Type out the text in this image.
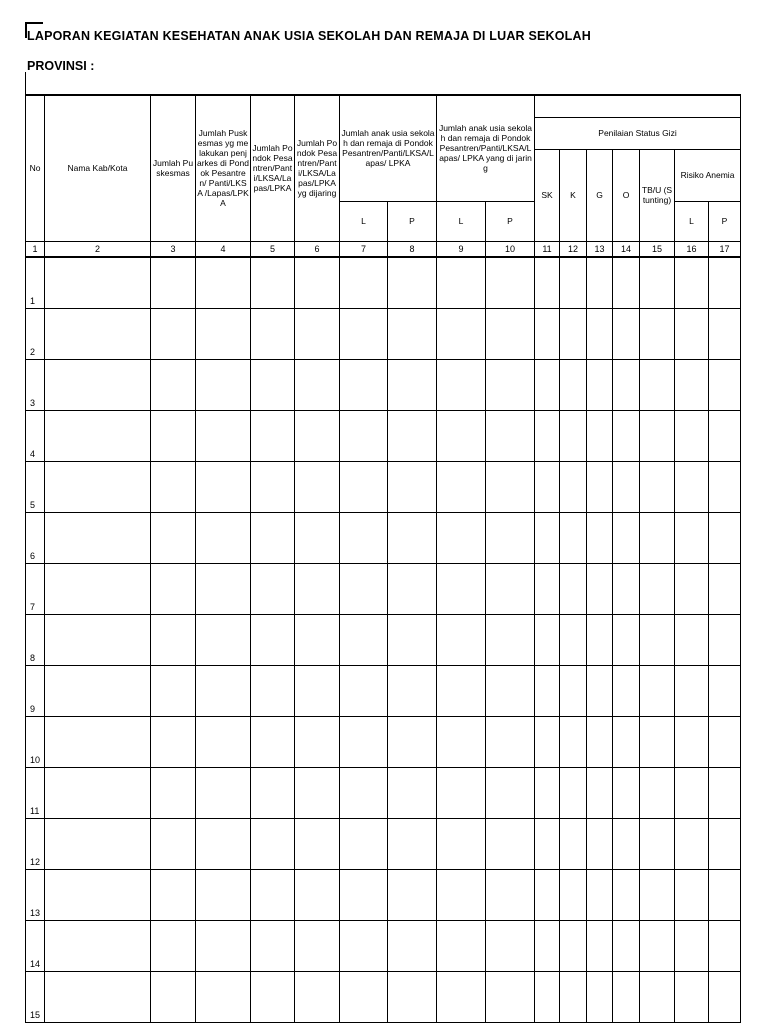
LAPORAN KEGIATAN KESEHATAN ANAK USIA SEKOLAH DAN REMAJA DI LUAR SEKOLAH
PROVINSI :
No	Nama Kab/Kota	Jumlah Puskesmas	Jumlah Puskesmas yg melakukan penjarkes di Pondok Pesantren/ Panti/LKSA /Lapas/LPKA	Jumlah Pondok Pesantren/Panti/LKSA/Lapas/LPKA	Jumlah Pondok Pesantren/Panti/LKSA/Lapas/LPKA yg dijaring	Jumlah anak usia sekolah dan remaja di Pondok Pesantren/Panti/LKSA/Lapas/ LPKA		Jumlah anak usia sekolah dan remaja di Pondok Pesantren/Panti/LKSA/Lapas/ LPKA yang di jaring								

										Penilaian Status Gizi						
										SK	K	G	O	TB/U (Stunting)	Risiko Anemia	
						L	P	L	P						L	P
1	2	3	4	5	6	7	8	9	10	11	12	13	14	15	16	17
1																
2																
3																
4																
5																
6																
7																
8																
9																
10																
11																
12																
13																
14																
15																
